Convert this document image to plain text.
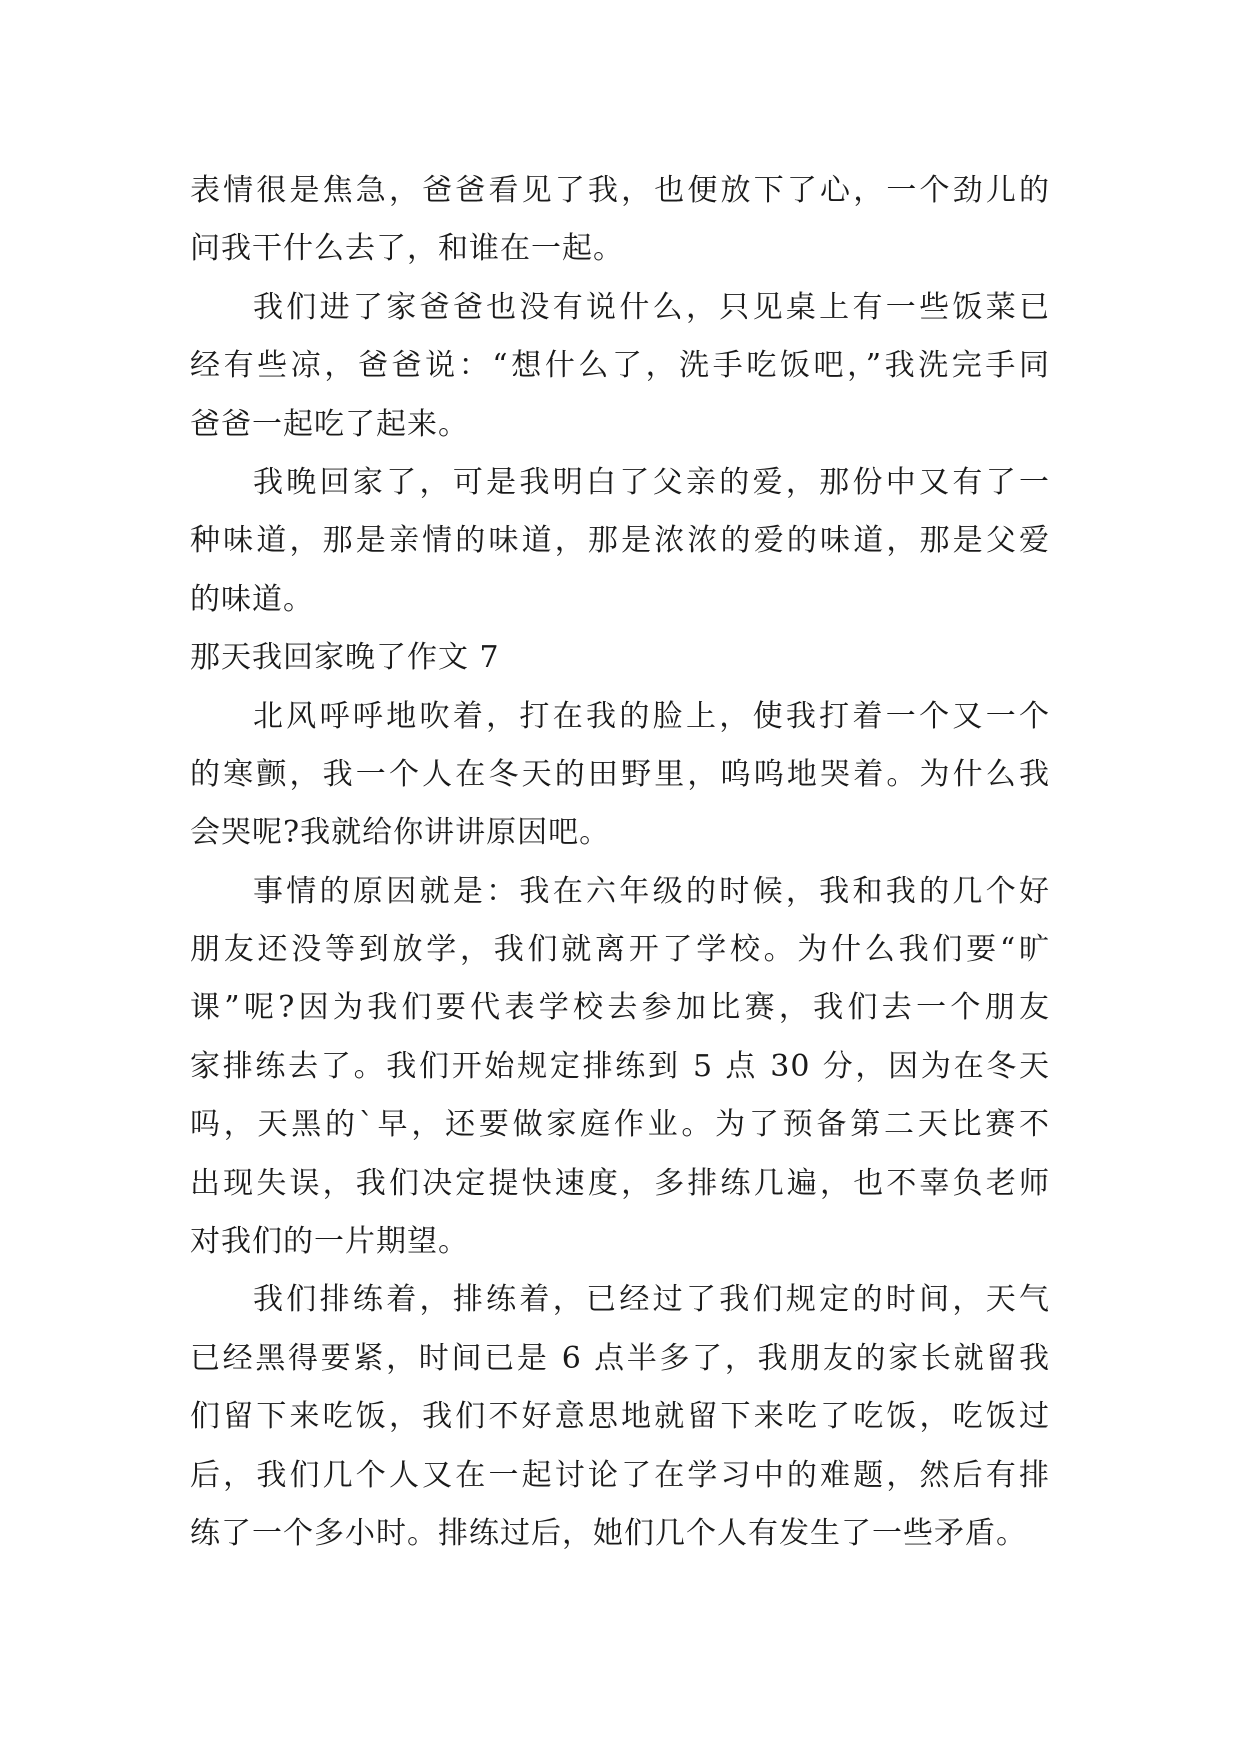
表情很是焦急，爸爸看见了我，也便放下了心，一个劲儿的
问我干什么去了，和谁在一起。
我们进了家爸爸也没有说什么，只见桌上有一些饭菜已
经有些凉，爸爸说：“想什么了，洗手吃饭吧，”我洗完手同
爸爸一起吃了起来。
我晚回家了，可是我明白了父亲的爱，那份中又有了一
种味道，那是亲情的味道，那是浓浓的爱的味道，那是父爱
的味道。
那天我回家晚了作文 7
北风呼呼地吹着，打在我的脸上，使我打着一个又一个
的寒颤，我一个人在冬天的田野里，呜呜地哭着。为什么我
会哭呢?我就给你讲讲原因吧。
事情的原因就是：我在六年级的时候，我和我的几个好
朋友还没等到放学，我们就离开了学校。为什么我们要“旷
课”呢?因为我们要代表学校去参加比赛，我们去一个朋友
家排练去了。我们开始规定排练到 5 点 30 分，因为在冬天
吗，天黑的`早，还要做家庭作业。为了预备第二天比赛不
出现失误，我们决定提快速度，多排练几遍，也不辜负老师
对我们的一片期望。
我们排练着，排练着，已经过了我们规定的时间，天气
已经黑得要紧，时间已是 6 点半多了，我朋友的家长就留我
们留下来吃饭，我们不好意思地就留下来吃了吃饭，吃饭过
后，我们几个人又在一起讨论了在学习中的难题，然后有排
练了一个多小时。排练过后，她们几个人有发生了一些矛盾。
